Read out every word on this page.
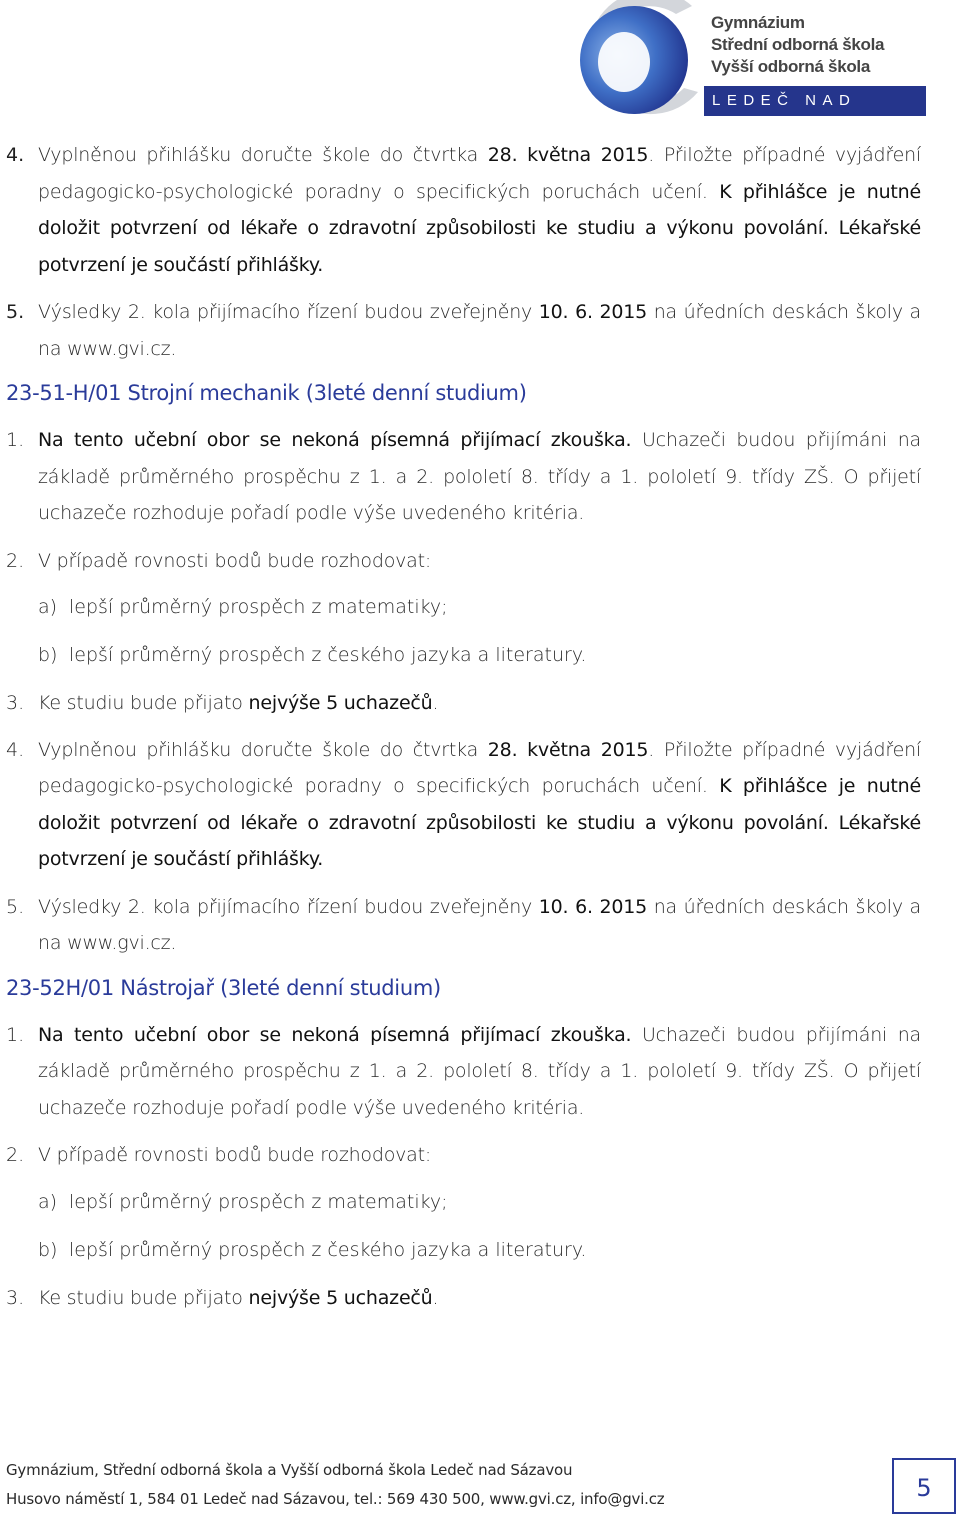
Gymnázium
Střední odborná škola
Vyšší odborná škola
LEDEČ NAD SÁZAVOU
4. Vyplněnou přihlášku doručte škole do čtvrtka 28. května 2015. Přiložte případné vyjádření pedagogicko-psychologické poradny o specifických poruchách učení. K přihlášce je nutné doložit potvrzení od lékaře o zdravotní způsobilosti ke studiu a výkonu povolání. Lékařské potvrzení je součástí přihlášky.
5. Výsledky 2. kola přijímacího řízení budou zveřejněny 10. 6. 2015 na úředních deskách školy a na www.gvi.cz.
23-51-H/01 Strojní mechanik (3leté denní studium)
1. Na tento učební obor se nekoná písemná přijímací zkouška. Uchazeči budou přijímáni na základě průměrného prospěchu z 1. a 2. pololetí 8. třídy a 1. pololetí 9. třídy ZŠ. O přijetí uchazeče rozhoduje pořadí podle výše uvedeného kritéria.
2. V případě rovnosti bodů bude rozhodovat:
a) lepší průměrný prospěch z matematiky;
b) lepší průměrný prospěch z českého jazyka a literatury.
3. Ke studiu bude přijato nejvýše 5 uchazečů.
4. Vyplněnou přihlášku doručte škole do čtvrtka 28. května 2015. Přiložte případné vyjádření pedagogicko-psychologické poradny o specifických poruchách učení. K přihlášce je nutné doložit potvrzení od lékaře o zdravotní způsobilosti ke studiu a výkonu povolání. Lékařské potvrzení je součástí přihlášky.
5. Výsledky 2. kola přijímacího řízení budou zveřejněny 10. 6. 2015 na úředních deskách školy a na www.gvi.cz.
23-52H/01 Nástrojař (3leté denní studium)
1. Na tento učební obor se nekoná písemná přijímací zkouška. Uchazeči budou přijímáni na základě průměrného prospěchu z 1. a 2. pololetí 8. třídy a 1. pololetí 9. třídy ZŠ. O přijetí uchazeče rozhoduje pořadí podle výše uvedeného kritéria.
2. V případě rovnosti bodů bude rozhodovat:
a) lepší průměrný prospěch z matematiky;
b) lepší průměrný prospěch z českého jazyka a literatury.
3. Ke studiu bude přijato nejvýše 5 uchazečů.
Gymnázium, Střední odborná škola a Vyšší odborná škola Ledeč nad Sázavou
Husovo náměstí 1, 584 01 Ledeč nad Sázavou, tel.: 569 430 500, www.gvi.cz, info@gvi.cz	5
